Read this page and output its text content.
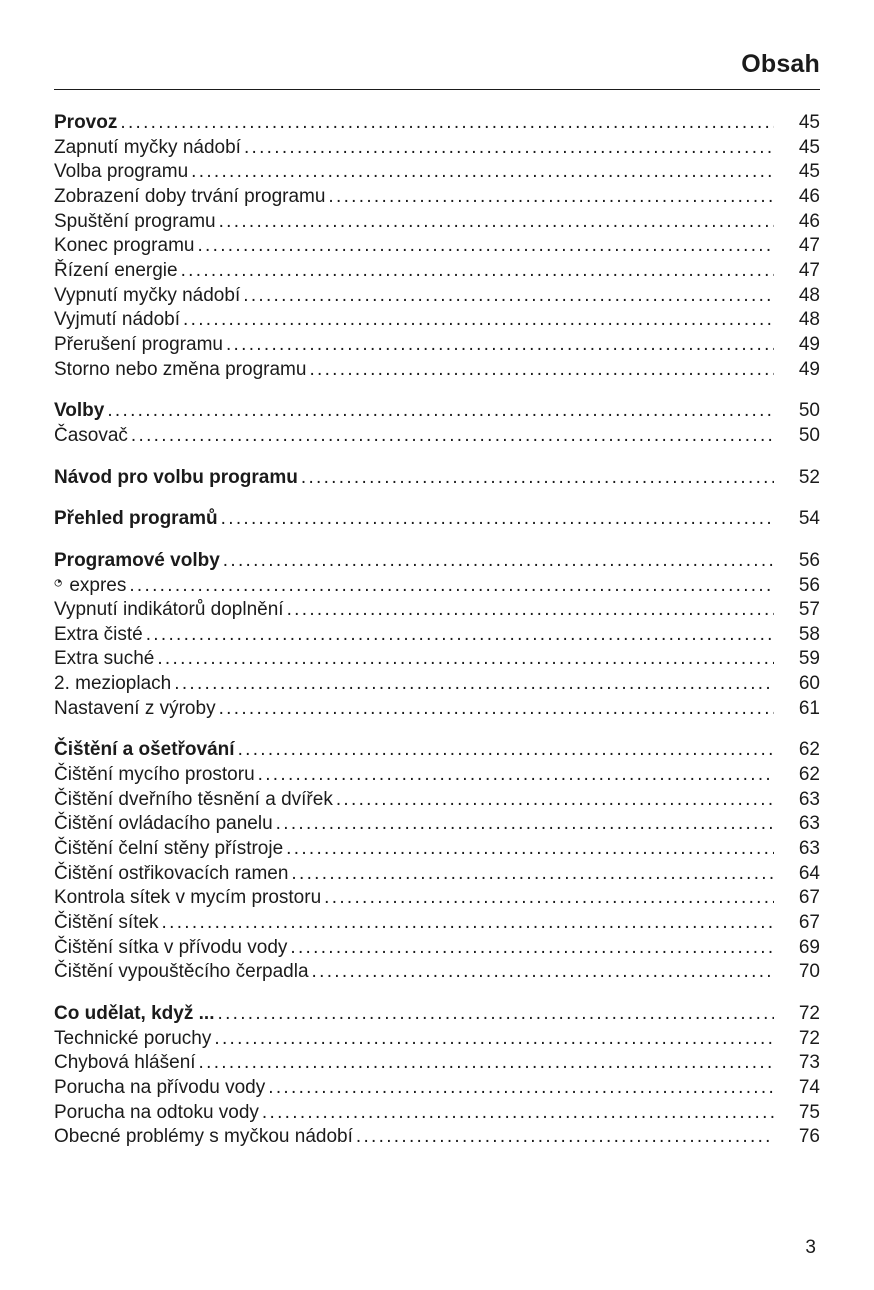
Obsah
Provoz .....	45
Zapnutí myčky nádobí .....	45
Volba programu .....	45
Zobrazení doby trvání programu .....	46
Spuštění programu .....	46
Konec programu .....	47
Řízení energie .....	47
Vypnutí myčky nádobí .....	48
Vyjmutí nádobí .....	48
Přerušení programu .....	49
Storno nebo změna programu .....	49
Volby .....	50
Časovač .....	50
Návod pro volbu programu .....	52
Přehled programů .....	54
Programové volby .....	56
expres .....	56
Vypnutí indikátorů doplnění .....	57
Extra čisté .....	58
Extra suché .....	59
2. mezioplach .....	60
Nastavení z výroby .....	61
Čištění a ošetřování .....	62
Čištění mycího prostoru .....	62
Čištění dveřního těsnění a dvířek .....	63
Čištění ovládacího panelu .....	63
Čištění čelní stěny přístroje .....	63
Čištění ostřikovacích ramen .....	64
Kontrola sítek v mycím prostoru .....	67
Čištění sítek .....	67
Čištění sítka v přívodu vody .....	69
Čištění vypouštěcího čerpadla .....	70
Co udělat, když ... .....	72
Technické poruchy .....	72
Chybová hlášení .....	73
Porucha na přívodu vody .....	74
Porucha na odtoku vody .....	75
Obecné problémy s myčkou nádobí .....	76
3
